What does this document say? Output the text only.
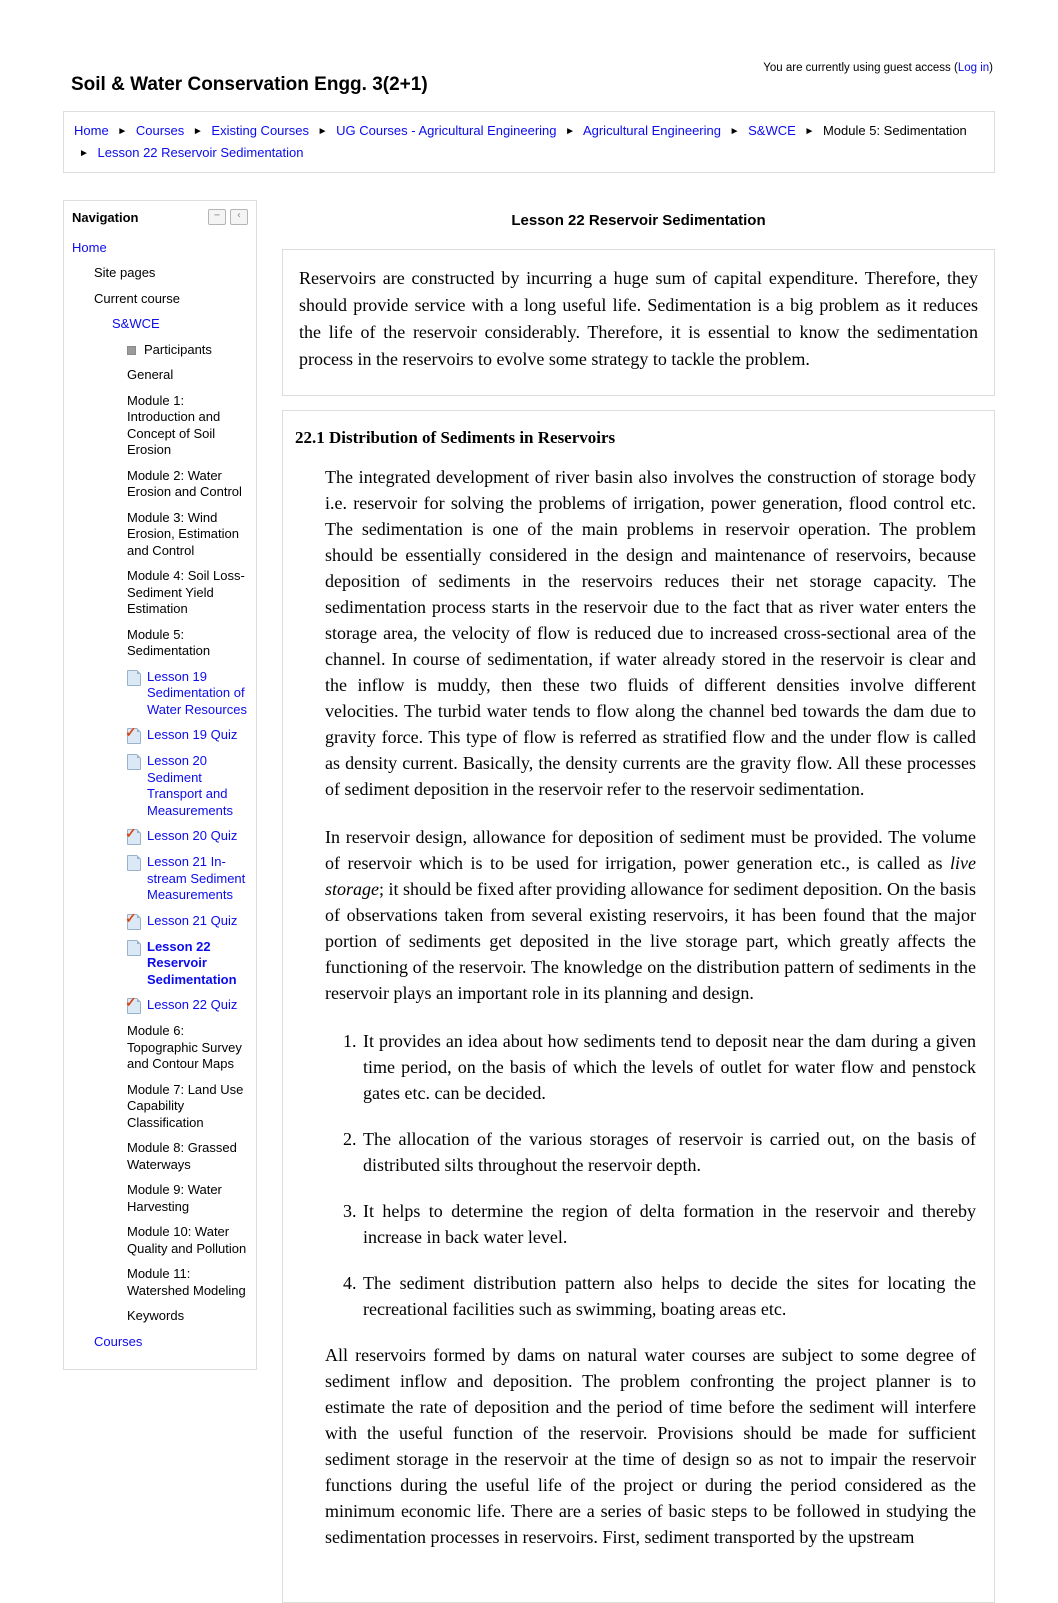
You are currently using guest access (Log in)
Soil & Water Conservation Engg. 3(2+1)
Home ► Courses ► Existing Courses ► UG Courses - Agricultural Engineering ► Agricultural Engineering ► S&WCE ► Module 5: Sedimentation ► Lesson 22 Reservoir Sedimentation
Navigation	−	‹
Home
Site pages
Current course
S&WCE
Participants
General
Module 1: Introduction and Concept of Soil Erosion
Module 2: Water Erosion and Control
Module 3: Wind Erosion, Estimation and Control
Module 4: Soil Loss- Sediment Yield Estimation
Module 5: Sedimentation
Lesson 19 Sedimentation of Water Resources
✓ Lesson 19 Quiz
Lesson 20 Sediment Transport and Measurements
✓ Lesson 20 Quiz
Lesson 21 In-stream Sediment Measurements
✓ Lesson 21 Quiz
Lesson 22 Reservoir Sedimentation
✓ Lesson 22 Quiz
Module 6: Topographic Survey and Contour Maps
Module 7: Land Use Capability Classification
Module 8: Grassed Waterways
Module 9: Water Harvesting
Module 10: Water Quality and Pollution
Module 11: Watershed Modeling
Keywords
Courses
Lesson 22 Reservoir Sedimentation
Reservoirs are constructed by incurring a huge sum of capital expenditure. Therefore, they should provide service with a long useful life. Sedimentation is a big problem as it reduces the life of the reservoir considerably. Therefore, it is essential to know the sedimentation process in the reservoirs to evolve some strategy to tackle the problem.
22.1 Distribution of Sediments in Reservoirs

The integrated development of river basin also involves the construction of storage body i.e. reservoir for solving the problems of irrigation, power generation, flood control etc. The sedimentation is one of the main problems in reservoir operation. The problem should be essentially considered in the design and maintenance of reservoirs, because deposition of sediments in the reservoirs reduces their net storage capacity. The sedimentation process starts in the reservoir due to the fact that as river water enters the storage area, the velocity of flow is reduced due to increased cross-sectional area of the channel. In course of sedimentation, if water already stored in the reservoir is clear and the inflow is muddy, then these two fluids of different densities involve different velocities. The turbid water tends to flow along the channel bed towards the dam due to gravity force. This type of flow is referred as stratified flow and the under flow is called as density current. Basically, the density currents are the gravity flow. All these processes of sediment deposition in the reservoir refer to the reservoir sedimentation.

In reservoir design, allowance for deposition of sediment must be provided. The volume of reservoir which is to be used for irrigation, power generation etc., is called as live storage; it should be fixed after providing allowance for sediment deposition. On the basis of observations taken from several existing reservoirs, it has been found that the major portion of sediments get deposited in the live storage part, which greatly affects the functioning of the reservoir. The knowledge on the distribution pattern of sediments in the reservoir plays an important role in its planning and design.

1. It provides an idea about how sediments tend to deposit near the dam during a given time period, on the basis of which the levels of outlet for water flow and penstock gates etc. can be decided.
2. The allocation of the various storages of reservoir is carried out, on the basis of distributed silts throughout the reservoir depth.
3. It helps to determine the region of delta formation in the reservoir and thereby increase in back water level.
4. The sediment distribution pattern also helps to decide the sites for locating the recreational facilities such as swimming, boating areas etc.

All reservoirs formed by dams on natural water courses are subject to some degree of sediment inflow and deposition. The problem confronting the project planner is to estimate the rate of deposition and the period of time before the sediment will interfere with the useful function of the reservoir. Provisions should be made for sufficient sediment storage in the reservoir at the time of design so as not to impair the reservoir functions during the useful life of the project or during the period considered as the minimum economic life. There are a series of basic steps to be followed in studying the sedimentation processes in reservoirs. First, sediment transported by the upstream
